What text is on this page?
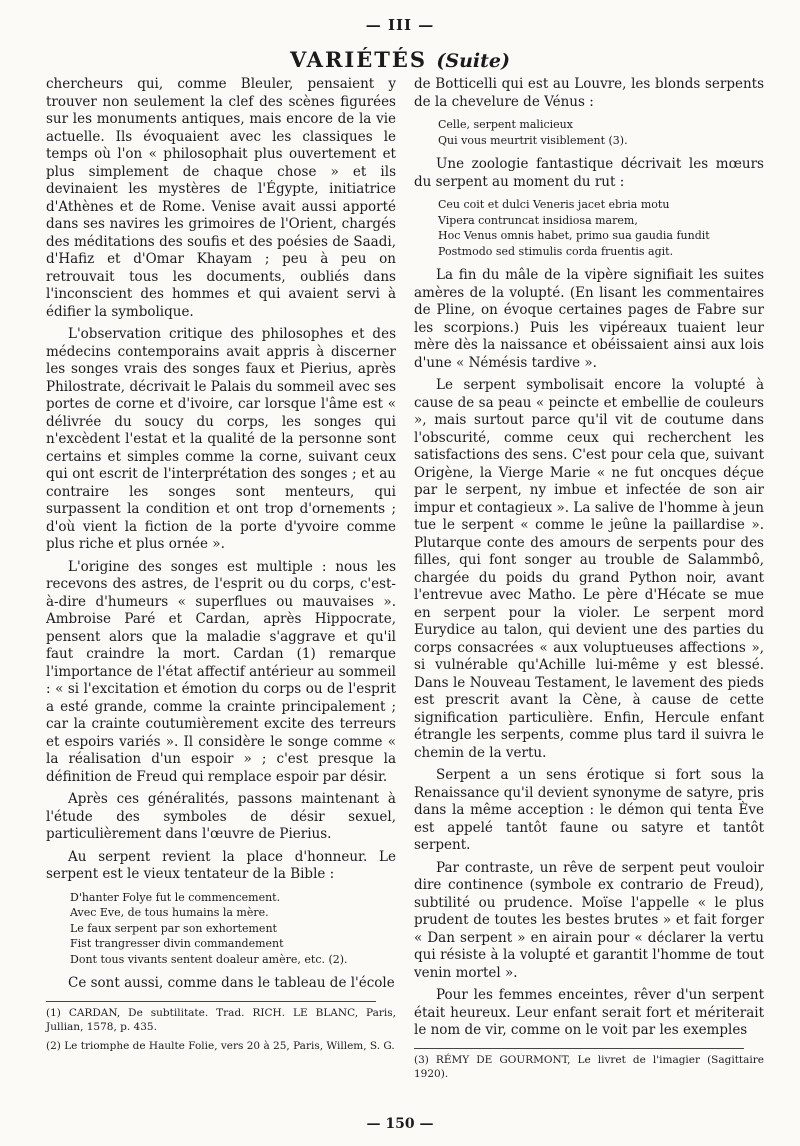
— III —
VARIÉTÉS (Suite)

chercheurs qui, comme Bleuler, pensaient y trouver non seulement la clef des scènes figurées sur les monuments antiques, mais encore de la vie actuelle. Ils évoquaient avec les classiques le temps où l'on « philosophait plus ouvertement et plus simplement de chaque chose » et ils devinaient les mystères de l'Égypte, initiatrice d'Athènes et de Rome. Venise avait aussi apporté dans ses navires les grimoires de l'Orient, chargés des méditations des soufis et des poésies de Saadi, d'Hafiz et d'Omar Khayam ; peu à peu on retrouvait tous les documents, oubliés dans l'inconscient des hommes et qui avaient servi à édifier la symbolique.

L'observation critique des philosophes et des médecins contemporains avait appris à discerner les songes vrais des songes faux et Pierius, après Philostrate, décrivait le Palais du sommeil avec ses portes de corne et d'ivoire, car lorsque l'âme est « délivrée du soucy du corps, les songes qui n'excèdent l'estat et la qualité de la personne sont certains et simples comme la corne, suivant ceux qui ont escrit de l'interprétation des songes ; et au contraire les songes sont menteurs, qui surpassent la condition et ont trop d'ornements ; d'où vient la fiction de la porte d'yvoire comme plus riche et plus ornée ».

L'origine des songes est multiple : nous les recevons des astres, de l'esprit ou du corps, c'est-à-dire d'humeurs « superflues ou mauvaises ». Ambroise Paré et Cardan, après Hippocrate, pensent alors que la maladie s'aggrave et qu'il faut craindre la mort. Cardan (1) remarque l'importance de l'état affectif antérieur au sommeil : « si l'excitation et émotion du corps ou de l'esprit a esté grande, comme la crainte principalement ; car la crainte coutumièrement excite des terreurs et espoirs variés ». Il considère le songe comme « la réalisation d'un espoir » ; c'est presque la définition de Freud qui remplace espoir par désir.

Après ces généralités, passons maintenant à l'étude des symboles de désir sexuel, particulièrement dans l'œuvre de Pierius.

Au serpent revient la place d'honneur. Le serpent est le vieux tentateur de la Bible :

D'hanter Folye fut le commencement.
Avec Eve, de tous humains la mère.
Le faux serpent par son exhortement
Fist trangresser divin commandement
Dont tous vivants sentent doaleur amère, etc. (2).

Ce sont aussi, comme dans le tableau de l'école

(1) CARDAN, De subtilitate. Trad. RICH. LE BLANC, Paris, Jullian, 1578, p. 435.

(2) Le triomphe de Haulte Folie, vers 20 à 25, Paris, Willem, S. G.

de Botticelli qui est au Louvre, les blonds serpents de la chevelure de Vénus :

Celle, serpent malicieux
Qui vous meurtrit visiblement (3).

Une zoologie fantastique décrivait les mœurs du serpent au moment du rut :

Ceu coit et dulci Veneris jacet ebria motu
Vipera contruncat insidiosa marem,
Hoc Venus omnis habet, primo sua gaudia fundit
Postmodo sed stimulis corda fruentis agit.

La fin du mâle de la vipère signifiait les suites amères de la volupté. (En lisant les commentaires de Pline, on évoque certaines pages de Fabre sur les scorpions.) Puis les vipéreaux tuaient leur mère dès la naissance et obéissaient ainsi aux lois d'une « Némésis tardive ».

Le serpent symbolisait encore la volupté à cause de sa peau « peincte et embellie de couleurs », mais surtout parce qu'il vit de coutume dans l'obscurité, comme ceux qui recherchent les satisfactions des sens. C'est pour cela que, suivant Origène, la Vierge Marie « ne fut oncques déçue par le serpent, ny imbue et infectée de son air impur et contagieux ». La salive de l'homme à jeun tue le serpent « comme le jeûne la paillardise ». Plutarque conte des amours de serpents pour des filles, qui font songer au trouble de Salammbô, chargée du poids du grand Python noir, avant l'entrevue avec Matho. Le père d'Hécate se mue en serpent pour la violer. Le serpent mord Eurydice au talon, qui devient une des parties du corps consacrées « aux voluptueuses affections », si vulnérable qu'Achille lui-même y est blessé. Dans le Nouveau Testament, le lavement des pieds est prescrit avant la Cène, à cause de cette signification particulière. Enfin, Hercule enfant étrangle les serpents, comme plus tard il suivra le chemin de la vertu.

Serpent a un sens érotique si fort sous la Renaissance qu'il devient synonyme de satyre, pris dans la même acception : le démon qui tenta Ève est appelé tantôt faune ou satyre et tantôt serpent.

Par contraste, un rêve de serpent peut vouloir dire continence (symbole ex contrario de Freud), subtilité ou prudence. Moïse l'appelle « le plus prudent de toutes les bestes brutes » et fait forger « Dan serpent » en airain pour « déclarer la vertu qui résiste à la volupté et garantit l'homme de tout venin mortel ».

Pour les femmes enceintes, rêver d'un serpent était heureux. Leur enfant serait fort et mériterait le nom de vir, comme on le voit par les exemples

(3) RÉMY DE GOURMONT, Le livret de l'imagier (Sagittaire 1920).

— 150 —
